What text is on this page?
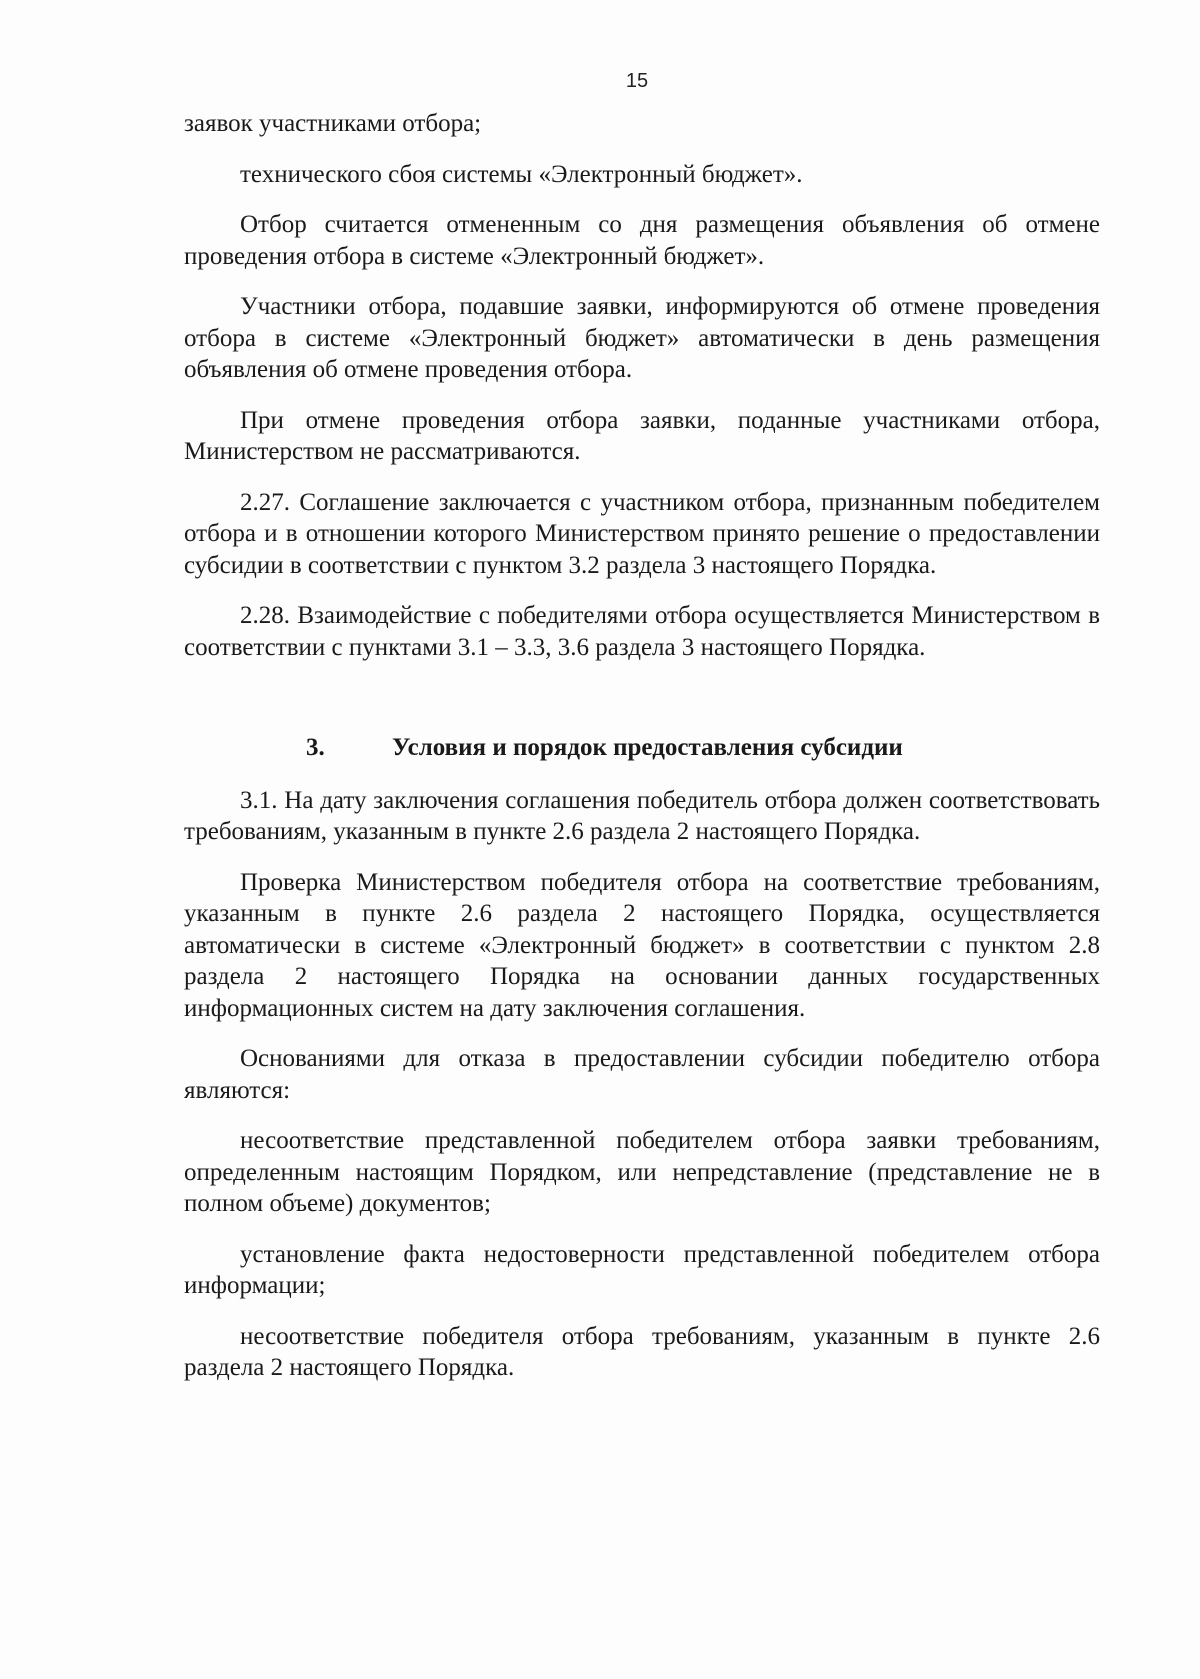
15

заявок участниками отбора;

технического сбоя системы «Электронный бюджет».

Отбор считается отмененным со дня размещения объявления об отмене проведения отбора в системе «Электронный бюджет».

Участники отбора, подавшие заявки, информируются об отмене проведения отбора в системе «Электронный бюджет» автоматически в день размещения объявления об отмене проведения отбора.

При отмене проведения отбора заявки, поданные участниками отбора, Министерством не рассматриваются.

2.27. Соглашение заключается с участником отбора, признанным победителем отбора и в отношении которого Министерством принято решение о предоставлении субсидии в соответствии с пунктом 3.2 раздела 3 настоящего Порядка.

2.28. Взаимодействие с победителями отбора осуществляется Министерством в соответствии с пунктами 3.1 – 3.3, 3.6 раздела 3 настоящего Порядка.

3.	Условия и порядок предоставления субсидии

3.1. На дату заключения соглашения победитель отбора должен соответствовать требованиям, указанным в пункте 2.6 раздела 2 настоящего Порядка.

Проверка Министерством победителя отбора на соответствие требованиям, указанным в пункте 2.6 раздела 2 настоящего Порядка, осуществляется автоматически в системе «Электронный бюджет» в соответствии с пунктом 2.8 раздела 2 настоящего Порядка на основании данных государственных информационных систем на дату заключения соглашения.

Основаниями для отказа в предоставлении субсидии победителю отбора являются:

несоответствие представленной победителем отбора заявки требованиям, определенным настоящим Порядком, или непредставление (представление не в полном объеме) документов;

установление факта недостоверности представленной победителем отбора информации;

несоответствие победителя отбора требованиям, указанным в пункте 2.6 раздела 2 настоящего Порядка.
